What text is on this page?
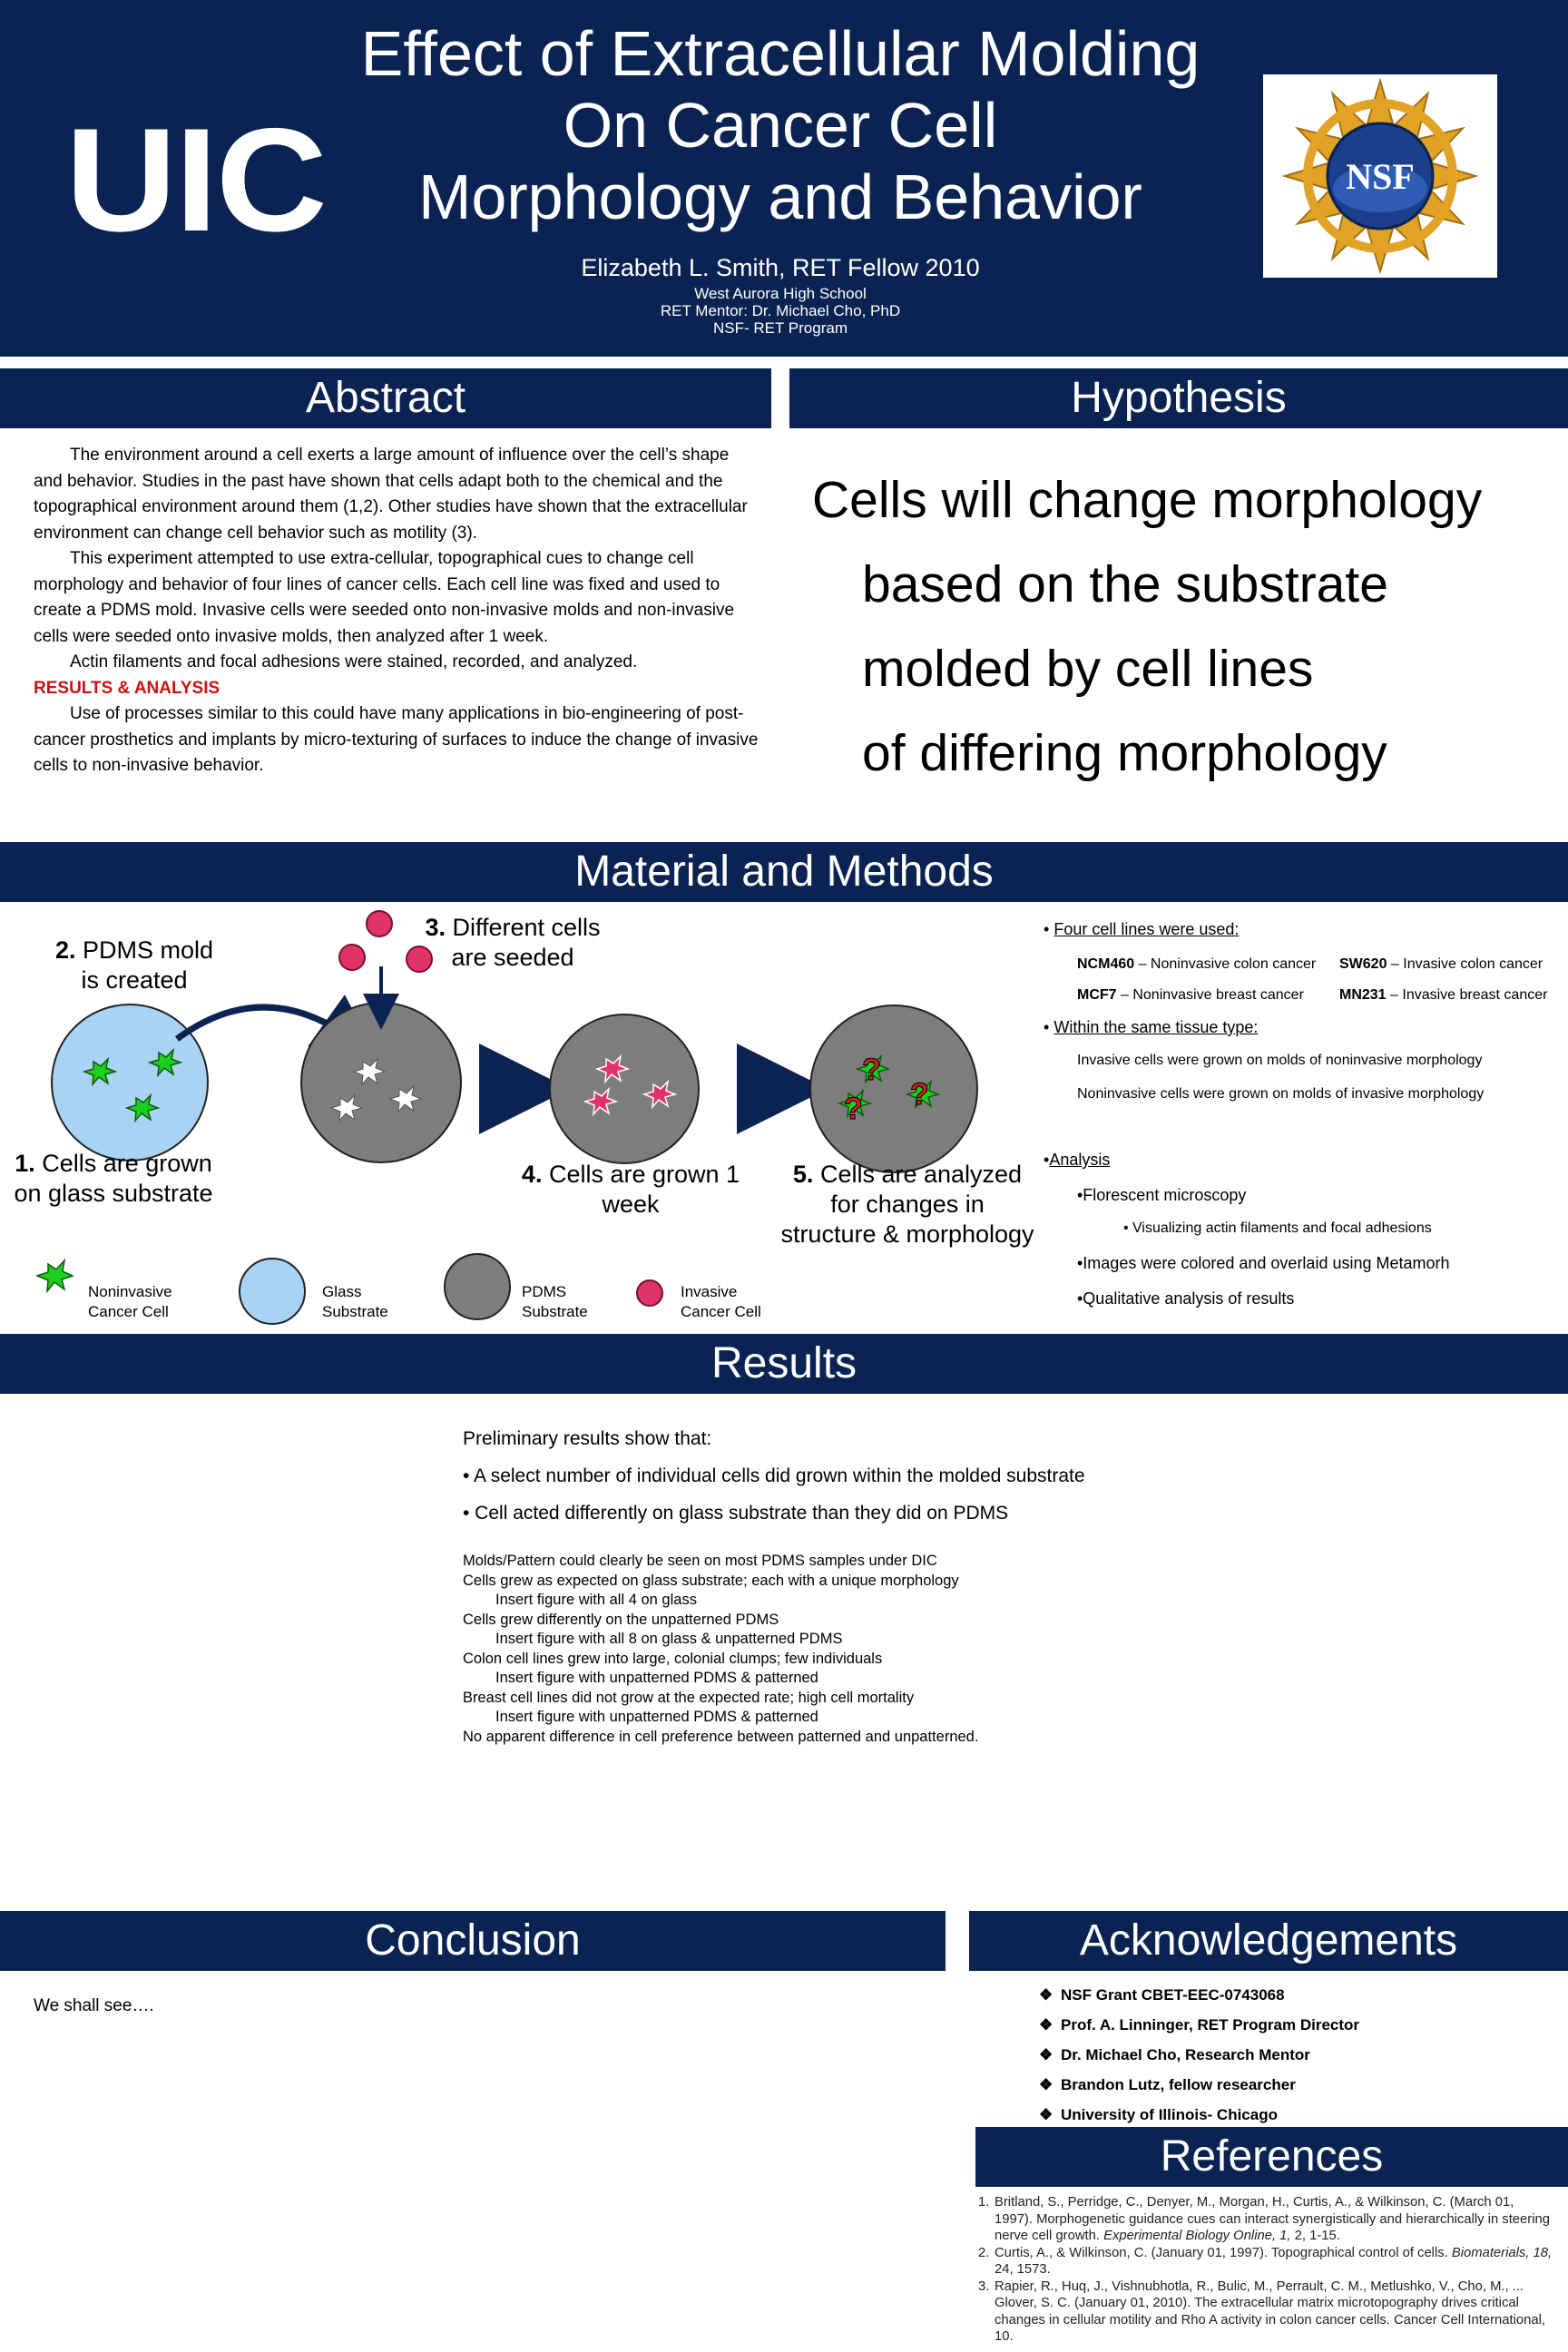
UIC
Effect of Extracellular Molding
On Cancer Cell
Morphology and Behavior
Elizabeth L. Smith, RET Fellow 2010
West Aurora High School
RET Mentor: Dr. Michael Cho, PhD
NSF- RET Program
NSF
Abstract

The environment around a cell exerts a large amount of influence over the cell’s shape and behavior. Studies in the past have shown that cells adapt both to the chemical and the topographical environment around them (1,2). Other studies have shown that the extracellular environment can change cell behavior such as motility (3).

This experiment attempted to use extra-cellular, topographical cues to change cell morphology and behavior of four lines of cancer cells. Each cell line was fixed and used to create a PDMS mold. Invasive cells were seeded onto non-invasive molds and non-invasive cells were seeded onto invasive molds, then analyzed after 1 week.

Actin filaments and focal adhesions were stained, recorded, and analyzed.

RESULTS & ANALYSIS

Use of processes similar to this could have many applications in bio-engineering of post-cancer prosthetics and implants by micro-texturing of surfaces to induce the change of invasive cells to non-invasive behavior.

Hypothesis
Cells will change morphology
based on the substrate
molded by cell lines
of differing morphology
Material and Methods
?
?
?
2. PDMS mold is created
3. Different cells are seeded
1. Cells are grown on glass substrate
4. Cells are grown 1 week
5. Cells are analyzed for changes in structure & morphology
Noninvasive
Cancer Cell
Glass
Substrate
PDMS
Substrate
Invasive
Cancer Cell
• Four cell lines were used:
NCM460 – Noninvasive colon cancer SW620 – Invasive colon cancer
MCF7 – Noninvasive breast cancer MN231 – Invasive breast cancer
• Within the same tissue type:
Invasive cells were grown on molds of noninvasive morphology
Noninvasive cells were grown on molds of invasive morphology
•Analysis
•Florescent microscopy
• Visualizing actin filaments and focal adhesions
•Images were colored and overlaid using Metamorh
•Qualitative analysis of results
Results
Preliminary results show that:
• A select number of individual cells did grown within the molded substrate
• Cell acted differently on glass substrate than they did on PDMS
Molds/Pattern could clearly be seen on most PDMS samples under DIC
Cells grew as expected on glass substrate; each with a unique morphology
Insert figure with all 4 on glass
Cells grew differently on the unpatterned PDMS
Insert figure with all 8 on glass & unpatterned PDMS
Colon cell lines grew into large, colonial clumps; few individuals
Insert figure with unpatterned PDMS & patterned
Breast cell lines did not grow at the expected rate; high cell mortality
Insert figure with unpatterned PDMS & patterned
No apparent difference in cell preference between patterned and unpatterned.
Conclusion
We shall see….
Acknowledgements
❖ NSF Grant CBET-EEC-0743068
❖ Prof. A. Linninger, RET Program Director
❖ Dr. Michael Cho, Research Mentor
❖ Brandon Lutz, fellow researcher
❖ University of Illinois- Chicago
References
1. Britland, S., Perridge, C., Denyer, M., Morgan, H., Curtis, A., & Wilkinson, C. (March 01, 1997). Morphogenetic guidance cues can interact synergistically and hierarchically in steering nerve cell growth. Experimental Biology Online, 1, 2, 1-15.
2. Curtis, A., & Wilkinson, C. (January 01, 1997). Topographical control of cells. Biomaterials, 18, 24, 1573.
3. Rapier, R., Huq, J., Vishnubhotla, R., Bulic, M., Perrault, C. M., Metlushko, V., Cho, M., ... Glover, S. C. (January 01, 2010). The extracellular matrix microtopography drives critical changes in cellular motility and Rho A activity in colon cancer cells. Cancer Cell International, 10.
